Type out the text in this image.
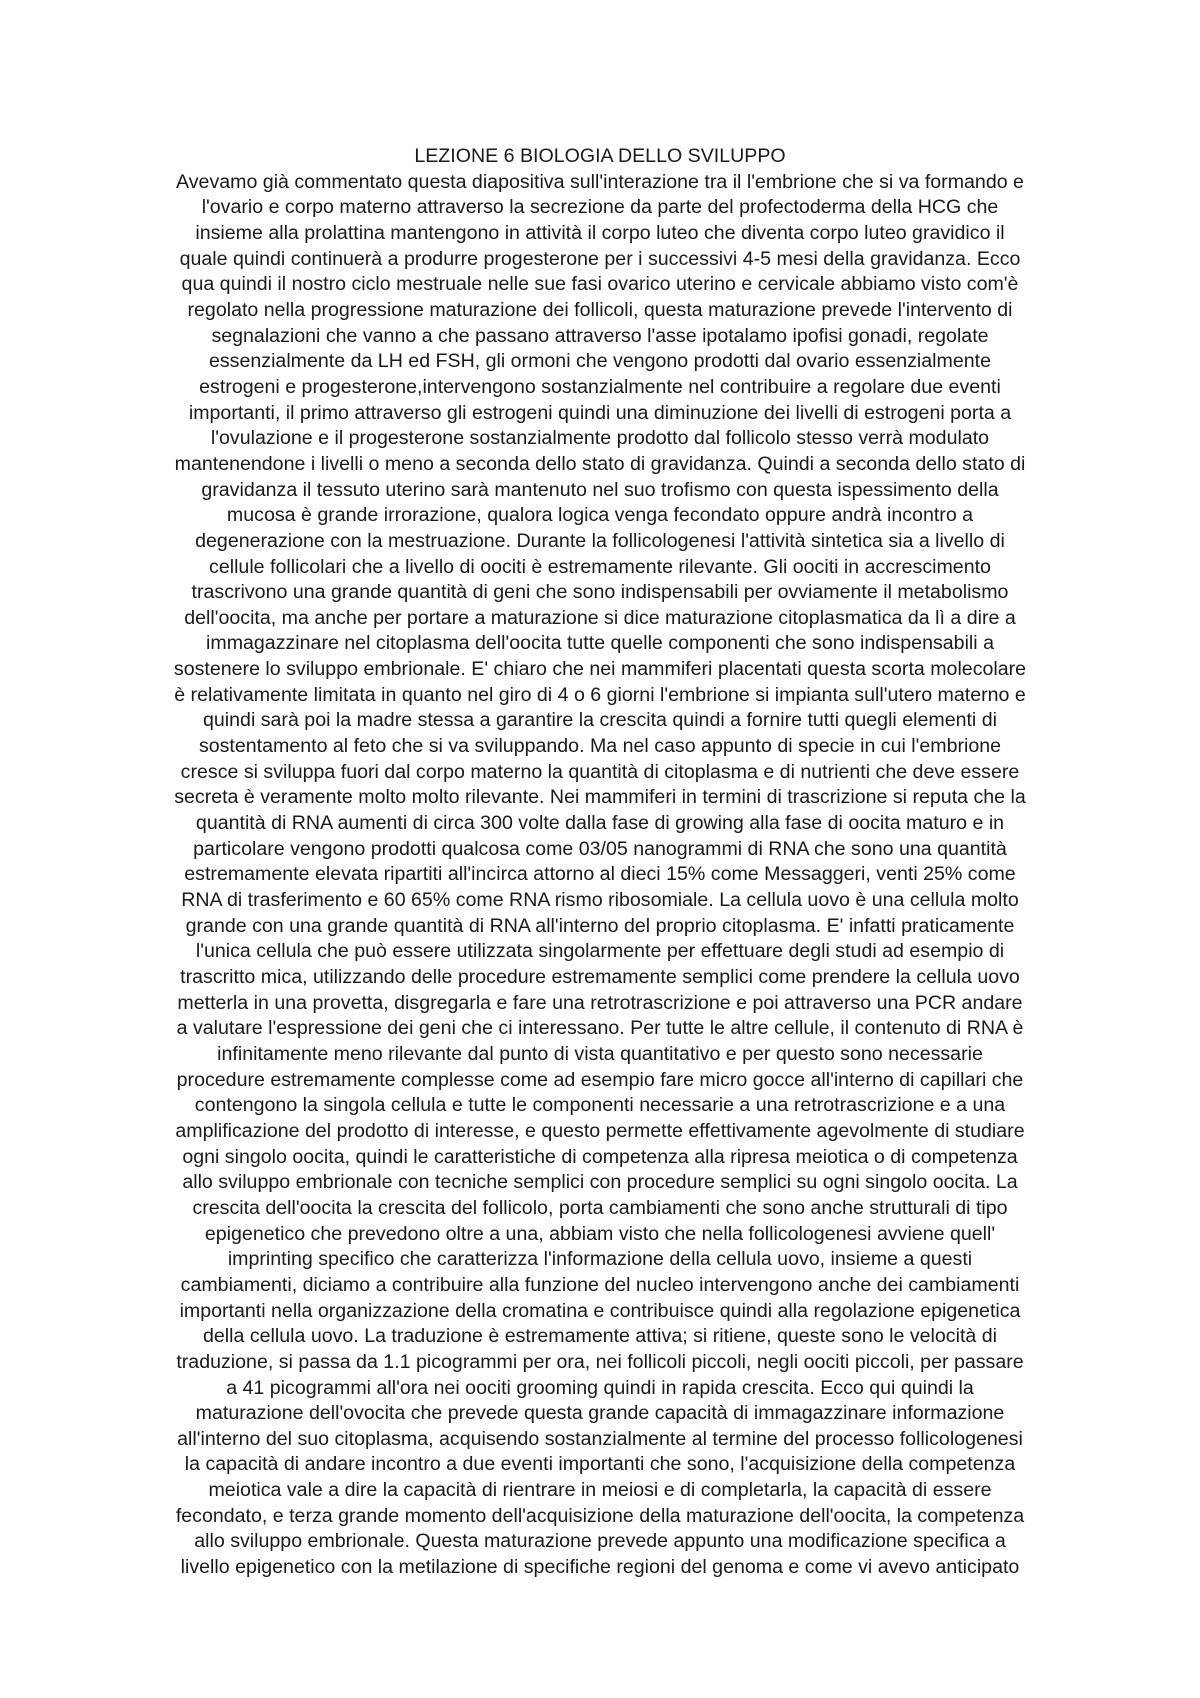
LEZIONE 6 BIOLOGIA DELLO SVILUPPO
Avevamo già commentato questa diapositiva sull'interazione tra il l'embrione che si va formando e
l'ovario e corpo materno attraverso la secrezione da parte del profectoderma della HCG che
insieme alla prolattina mantengono in attività il corpo luteo che diventa corpo luteo gravidico il
quale quindi continuerà a produrre progesterone per i successivi 4-5 mesi della gravidanza. Ecco
qua quindi il nostro ciclo mestruale nelle sue fasi ovarico uterino e cervicale abbiamo visto com'è
regolato nella progressione maturazione dei follicoli, questa maturazione prevede l'intervento di
segnalazioni che vanno a che passano attraverso l'asse ipotalamo ipofisi gonadi, regolate
essenzialmente da LH ed FSH, gli ormoni che vengono prodotti dal ovario essenzialmente
estrogeni e progesterone,intervengono sostanzialmente nel contribuire a regolare due eventi
importanti, il primo attraverso gli estrogeni quindi una diminuzione dei livelli di estrogeni porta a
l'ovulazione e il progesterone sostanzialmente prodotto dal follicolo stesso verrà modulato
mantenendone i livelli o meno a seconda dello stato di gravidanza. Quindi a seconda dello stato di
gravidanza il tessuto uterino sarà mantenuto nel suo trofismo con questa ispessimento della
mucosa è grande irrorazione, qualora logica venga fecondato oppure andrà incontro a
degenerazione con la mestruazione. Durante la follicologenesi l'attività sintetica sia a livello di
cellule follicolari che a livello di oociti è estremamente rilevante. Gli oociti in accrescimento
trascrivono una grande quantità di geni che sono indispensabili per ovviamente il metabolismo
dell'oocita, ma anche per portare a maturazione si dice maturazione citoplasmatica da lì a dire a
immagazzinare nel citoplasma dell'oocita tutte quelle componenti che sono indispensabili a
sostenere lo sviluppo embrionale. E' chiaro che nei mammiferi placentati questa scorta molecolare
è relativamente limitata in quanto nel giro di 4 o 6 giorni l'embrione si impianta sull'utero materno e
quindi sarà poi la madre stessa a garantire la crescita quindi a fornire tutti quegli elementi di
sostentamento al feto che si va sviluppando. Ma nel caso appunto di specie in cui l'embrione
cresce si sviluppa fuori dal corpo materno la quantità di citoplasma e di nutrienti che deve essere
secreta è veramente molto molto rilevante. Nei mammiferi in termini di trascrizione si reputa che la
quantità di RNA aumenti di circa 300 volte dalla fase di growing alla fase di oocita maturo e in
particolare vengono prodotti qualcosa come 03/05 nanogrammi di RNA che sono una quantità
estremamente elevata ripartiti all'incirca attorno al dieci 15% come Messaggeri, venti 25% come
RNA di trasferimento e 60 65% come RNA rismo ribosomiale. La cellula uovo è una cellula molto
grande con una grande quantità di RNA all'interno del proprio citoplasma. E' infatti praticamente
l'unica cellula che può essere utilizzata singolarmente per effettuare degli studi ad esempio di
trascritto mica, utilizzando delle procedure estremamente semplici come prendere la cellula uovo
metterla in una provetta, disgregarla e fare una retrotrascrizione e poi attraverso una PCR andare
a valutare l'espressione dei geni che ci interessano. Per tutte le altre cellule, il contenuto di RNA è
infinitamente meno rilevante dal punto di vista quantitativo e per questo sono necessarie
procedure estremamente complesse come ad esempio fare micro gocce all'interno di capillari che
contengono la singola cellula e tutte le componenti necessarie a una retrotrascrizione e a una
amplificazione del prodotto di interesse, e questo permette effettivamente agevolmente di studiare
ogni singolo oocita, quindi le caratteristiche di competenza alla ripresa meiotica o di competenza
allo sviluppo embrionale con tecniche semplici con procedure semplici su ogni singolo oocita. La
crescita dell'oocita la crescita del follicolo, porta cambiamenti che sono anche strutturali di tipo
epigenetico che prevedono oltre a una, abbiam visto che nella follicologenesi avviene quell'
imprinting specifico che caratterizza l'informazione della cellula uovo, insieme a questi
cambiamenti, diciamo a contribuire alla funzione del nucleo intervengono anche dei cambiamenti
importanti nella organizzazione della cromatina e contribuisce quindi alla regolazione epigenetica
della cellula uovo. La traduzione è estremamente attiva; si ritiene, queste sono le velocità di
traduzione, si passa da 1.1 picogrammi per ora, nei follicoli piccoli, negli oociti piccoli, per passare
a 41 picogrammi all'ora nei oociti grooming quindi in rapida crescita. Ecco qui quindi la
maturazione dell'ovocita che prevede questa grande capacità di immagazzinare informazione
all'interno del suo citoplasma, acquisendo sostanzialmente al termine del processo follicologenesi
la capacità di andare incontro a due eventi importanti che sono, l'acquisizione della competenza
meiotica vale a dire la capacità di rientrare in meiosi e di completarla, la capacità di essere
fecondato, e terza grande momento dell'acquisizione della maturazione dell'oocita, la competenza
allo sviluppo embrionale. Questa maturazione prevede appunto una modificazione specifica a
livello epigenetico con la metilazione di specifiche regioni del genoma e come vi avevo anticipato
